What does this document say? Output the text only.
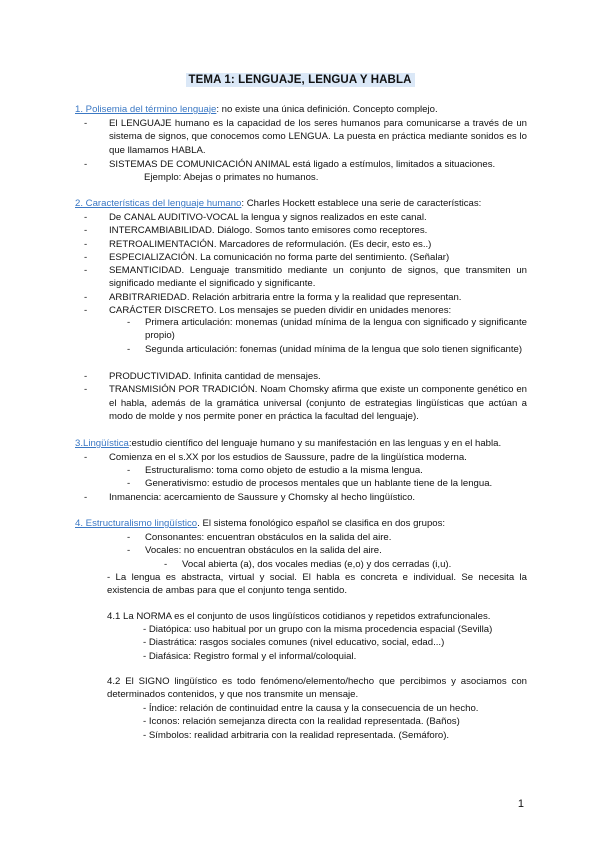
TEMA 1: LENGUAJE, LENGUA Y HABLA
1. Polisemia del término lenguaje: no existe una única definición. Concepto complejo.
- El LENGUAJE humano es la capacidad de los seres humanos para comunicarse a través de un sistema de signos, que conocemos como LENGUA. La puesta en práctica mediante sonidos es lo que llamamos HABLA.
- SISTEMAS DE COMUNICACIÓN ANIMAL está ligado a estímulos, limitados a situaciones.
Ejemplo: Abejas o primates no humanos.
2. Características del lenguaje humano: Charles Hockett establece una serie de características:
- De CANAL AUDITIVO-VOCAL la lengua y signos realizados en este canal.
- INTERCAMBIABILIDAD. Diálogo. Somos tanto emisores como receptores.
- RETROALIMENTACIÓN. Marcadores de reformulación. (Es decir, esto es..)
- ESPECIALIZACIÓN. La comunicación no forma parte del sentimiento. (Señalar)
- SEMANTICIDAD. Lenguaje transmitido mediante un conjunto de signos, que transmiten un significado mediante el significado y significante.
- ARBITRARIEDAD. Relación arbitraria entre la forma y la realidad que representan.
- CARÁCTER DISCRETO. Los mensajes se pueden dividir en unidades menores:
- Primera articulación: monemas (unidad mínima de la lengua con significado y significante propio)
- Segunda articulación: fonemas (unidad mínima de la lengua que solo tienen significante)
- PRODUCTIVIDAD. Infinita cantidad de mensajes.
- TRANSMISIÓN POR TRADICIÓN. Noam Chomsky afirma que existe un componente genético en el habla, además de la gramática universal (conjunto de estrategias lingüísticas que actúan a modo de molde y nos permite poner en práctica la facultad del lenguaje).
3.Lingüística:estudio científico del lenguaje humano y su manifestación en las lenguas y en el habla.
- Comienza en el s.XX por los estudios de Saussure, padre de la lingüística moderna.
- Estructuralismo: toma como objeto de estudio a la misma lengua.
- Generativismo: estudio de procesos mentales que un hablante tiene de la lengua.
- Inmanencia: acercamiento de Saussure y Chomsky al hecho lingüístico.
4. Estructuralismo lingüístico. El sistema fonológico español se clasifica en dos grupos:
- Consonantes: encuentran obstáculos en la salida del aire.
- Vocales: no encuentran obstáculos en la salida del aire.
- Vocal abierta (a), dos vocales medias (e,o) y dos cerradas (i,u).
- La lengua es abstracta, virtual y social. El habla es concreta e individual. Se necesita la existencia de ambas para que el conjunto tenga sentido.
4.1 La NORMA es el conjunto de usos lingüísticos cotidianos y repetidos extrafuncionales.
- Diatópica: uso habitual por un grupo con la misma procedencia espacial (Sevilla)
- Diastrática: rasgos sociales comunes (nivel educativo, social, edad...)
- Diafásica: Registro formal y el informal/coloquial.
4.2 El SIGNO lingüístico es todo fenómeno/elemento/hecho que percibimos y asociamos con determinados contenidos, y que nos transmite un mensaje.
- Índice: relación de continuidad entre la causa y la consecuencia de un hecho.
- Iconos: relación semejanza directa con la realidad representada. (Baños)
- Símbolos: realidad arbitraria con la realidad representada. (Semáforo).
1
